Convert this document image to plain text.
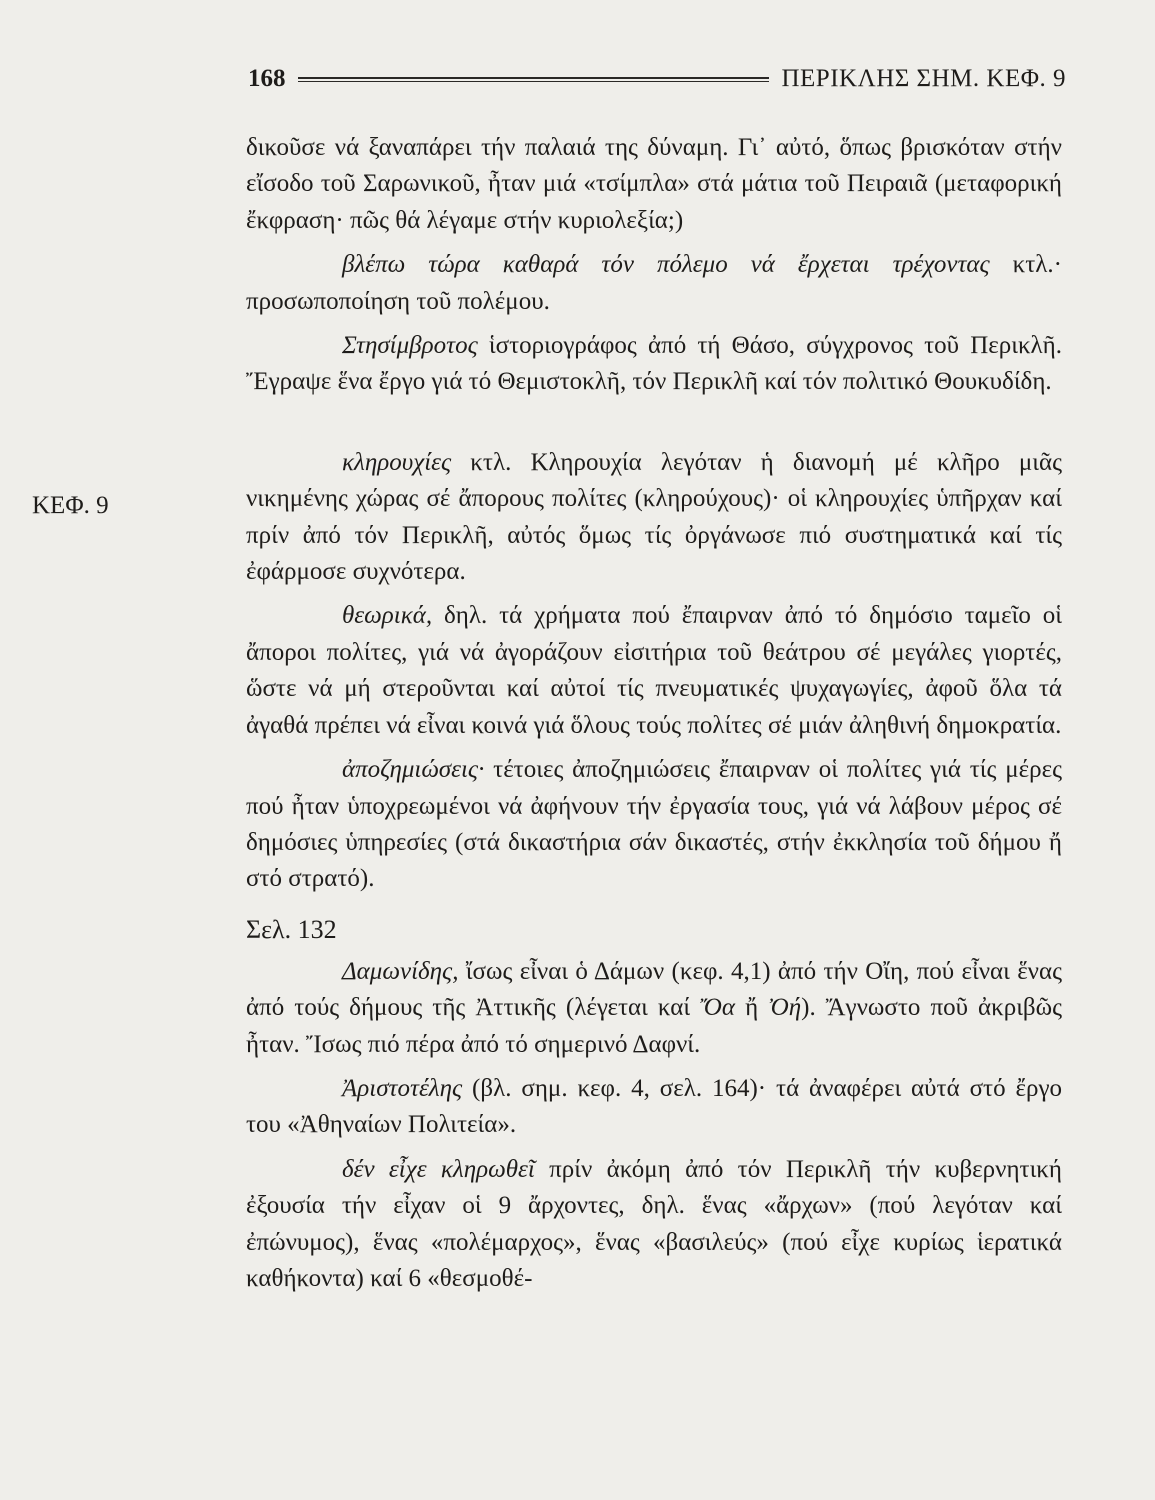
168	ΠΕΡΙΚΛΗΣ ΣΗΜ. ΚΕΦ. 9
ΚΕΦ. 9

δικοῦσε νά ξαναπάρει τήν παλαιά της δύναμη. Γι᾽ αὐτό, ὅπως βρισκόταν στήν εἴσοδο τοῦ Σαρωνικοῦ, ἦταν μιά «τσίμπλα» στά μάτια τοῦ Πειραιᾶ (μεταφορική ἔκφραση· πῶς θά λέγαμε στήν κυριολεξία;)

βλέπω τώρα καθαρά τόν πόλεμο νά ἔρχεται τρέχοντας κτλ.· προσωποποίηση τοῦ πολέμου.

Στησίμβροτος ἱστοριογράφος ἀπό τή Θάσο, σύγχρονος τοῦ Περικλῆ. Ἔγραψε ἕνα ἔργο γιά τό Θεμιστοκλῆ, τόν Περικλῆ καί τόν πολιτικό Θουκυδίδη.

κληρουχίες κτλ. Κληρουχία λεγόταν ἡ διανομή μέ κλῆρο μιᾶς νικημένης χώρας σέ ἄπορους πολίτες (κληρούχους)· οἱ κληρουχίες ὑπῆρχαν καί πρίν ἀπό τόν Περικλῆ, αὐτός ὅμως τίς ὀργάνωσε πιό συστηματικά καί τίς ἐφάρμοσε συχνότερα.

θεωρικά, δηλ. τά χρήματα πού ἔπαιρναν ἀπό τό δημόσιο ταμεῖο οἱ ἄποροι πολίτες, γιά νά ἀγοράζουν εἰσιτήρια τοῦ θεάτρου σέ μεγάλες γιορτές, ὥστε νά μή στεροῦνται καί αὐτοί τίς πνευματικές ψυχαγωγίες, ἀφοῦ ὅλα τά ἀγαθά πρέπει νά εἶναι κοινά γιά ὅλους τούς πολίτες σέ μιάν ἀληθινή δημοκρατία.

ἀποζημιώσεις· τέτοιες ἀποζημιώσεις ἔπαιρναν οἱ πολίτες γιά τίς μέρες πού ἦταν ὑποχρεωμένοι νά ἀφήνουν τήν ἐργασία τους, γιά νά λάβουν μέρος σέ δημόσιες ὑπηρεσίες (στά δικαστήρια σάν δικαστές, στήν ἐκκλησία τοῦ δήμου ἤ στό στρατό).

Σελ. 132

Δαμωνίδης, ἴσως εἶναι ὁ Δάμων (κεφ. 4,1) ἀπό τήν Οἴη, πού εἶναι ἕνας ἀπό τούς δήμους τῆς Ἀττικῆς (λέγεται καί Ὄα ἤ Ὀή). Ἄγνωστο ποῦ ἀκριβῶς ἦταν. Ἴσως πιό πέρα ἀπό τό σημερινό Δαφνί.

Ἀριστοτέλης (βλ. σημ. κεφ. 4, σελ. 164)· τά ἀναφέρει αὐτά στό ἔργο του «Ἀθηναίων Πολιτεία».

δέν εἶχε κληρωθεῖ πρίν ἀκόμη ἀπό τόν Περικλῆ τήν κυβερνητική ἐξουσία τήν εἶχαν οἱ 9 ἄρχοντες, δηλ. ἕνας «ἄρχων» (πού λεγόταν καί ἐπώνυμος), ἕνας «πολέμαρχος», ἕνας «βασιλεύς» (πού εἶχε κυρίως ἱερατικά καθήκοντα) καί 6 «θεσμοθέ-
